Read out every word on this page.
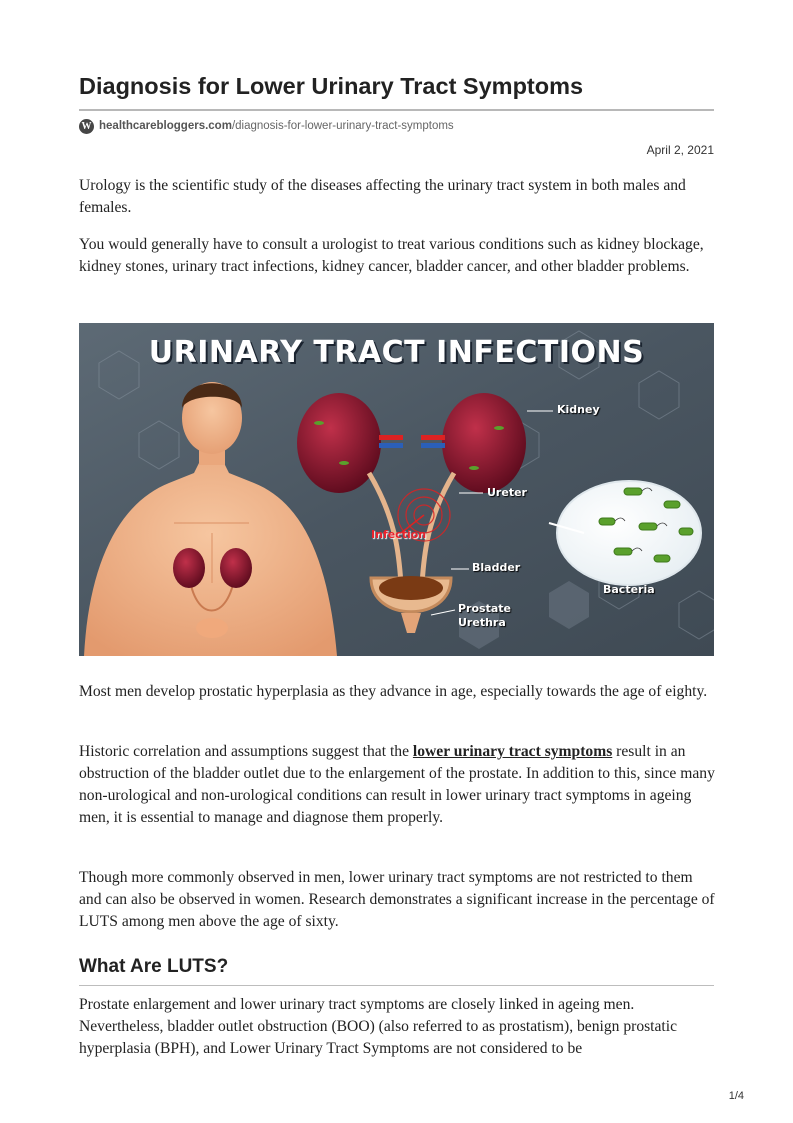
Diagnosis for Lower Urinary Tract Symptoms
W healthcarebloggers.com /diagnosis-for-lower-urinary-tract-symptoms
April 2, 2021

Urology is the scientific study of the diseases affecting the urinary tract system in both males and females.

You would generally have to consult a urologist to treat various conditions such as kidney blockage, kidney stones, urinary tract infections, kidney cancer, bladder cancer, and other bladder problems.

Most men develop prostatic hyperplasia as they advance in age, especially towards the age of eighty.

Historic correlation and assumptions suggest that the lower urinary tract symptoms result in an obstruction of the bladder outlet due to the enlargement of the prostate. In addition to this, since many non-urological and non-urological conditions can result in lower urinary tract symptoms in ageing men, it is essential to manage and diagnose them properly.

Though more commonly observed in men, lower urinary tract symptoms are not restricted to them and can also be observed in women. Research demonstrates a significant increase in the percentage of LUTS among men above the age of sixty.

What Are LUTS?

Prostate enlargement and lower urinary tract symptoms are closely linked in ageing men. Nevertheless, bladder outlet obstruction (BOO) (also referred to as prostatism), benign prostatic hyperplasia (BPH), and Lower Urinary Tract Symptoms are not considered to be

URINARY TRACT INFECTIONS
Kidney
Ureter
Infection
Bladder
Bacteria
Prostate
Urethra
1/4
